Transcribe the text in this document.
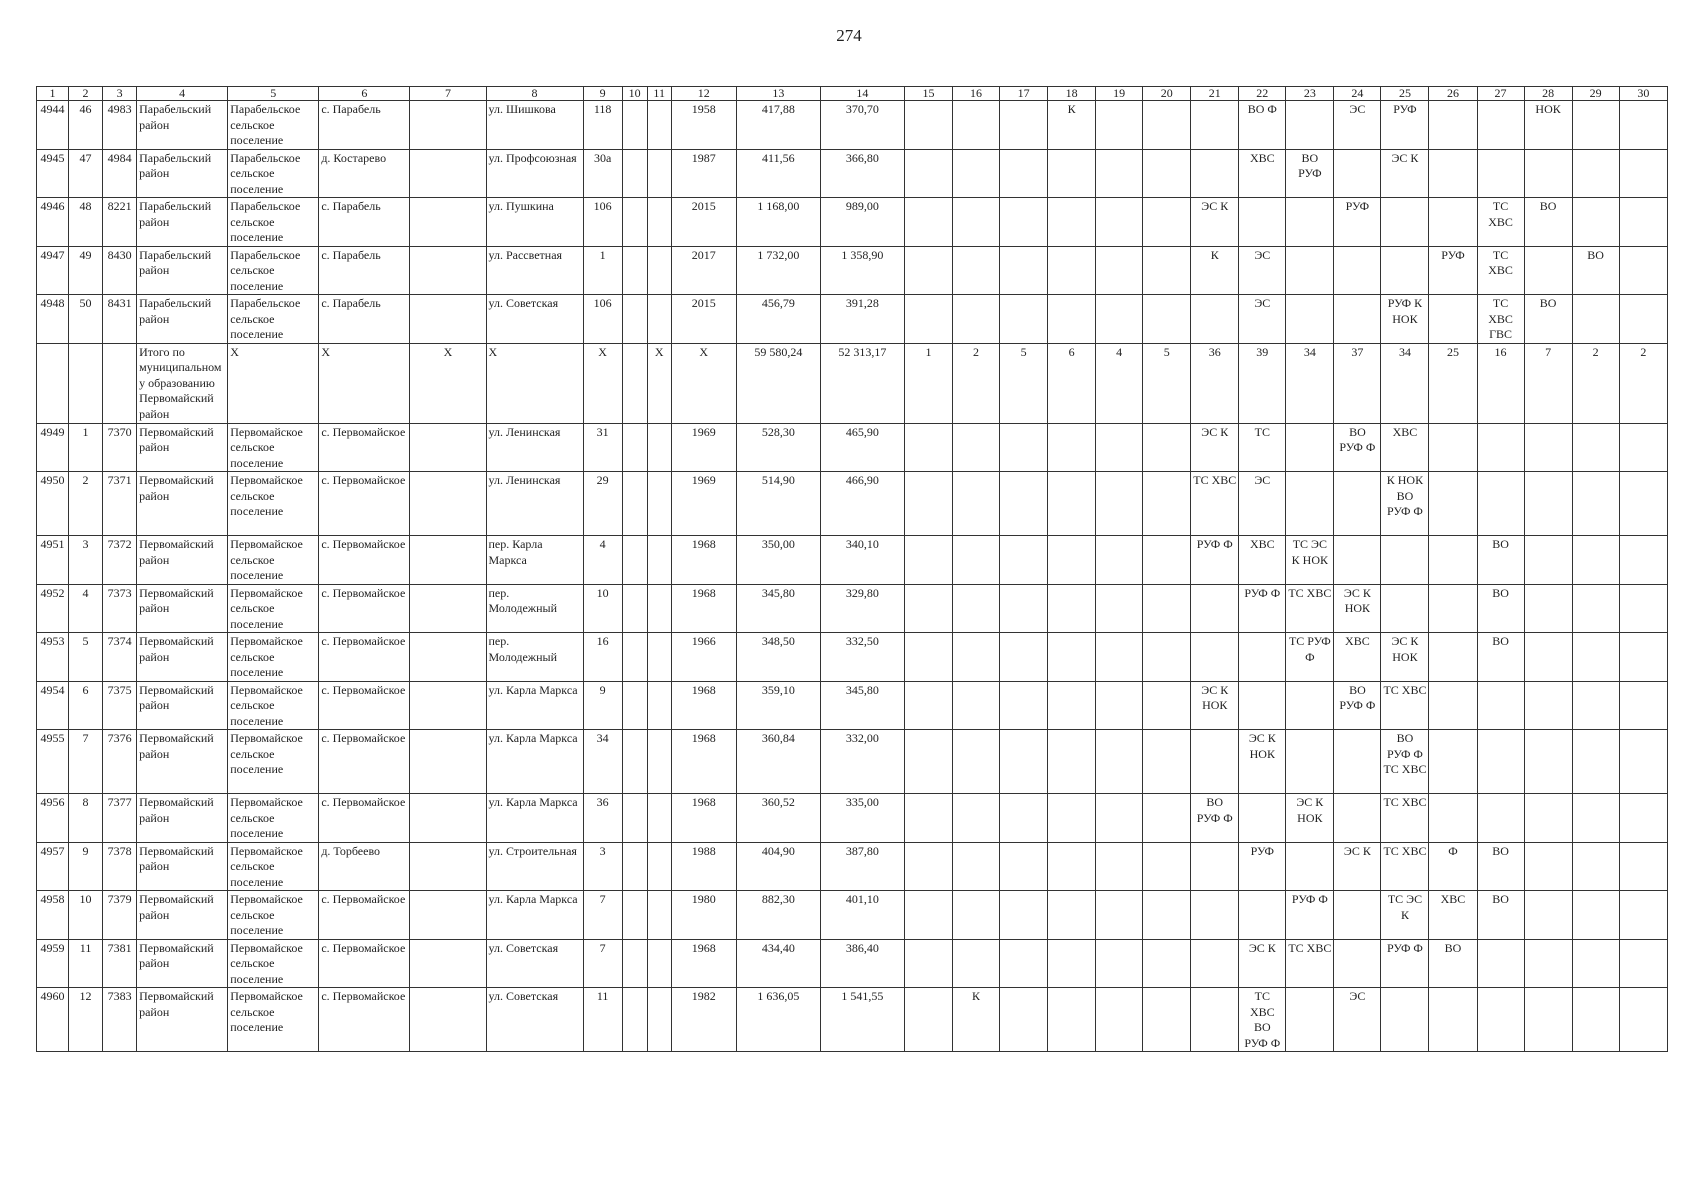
274
1	2	3	4	5	6	7	8	9	10	11	12	13	14	15	16	17	18	19	20	21	22	23	24	25	26	27	28	29	30
4944	46	4983	Парабельский район	Парабельское сельское поселение	с. Парабель		ул. Шишкова	118			1958	417,88	370,70				К				ВО Ф		ЭС	РУФ			НОК		
4945	47	4984	Парабельский район	Парабельское сельское поселение	д. Костарево		ул. Профсоюзная	30а			1987	411,56	366,80								ХВС	ВО РУФ		ЭС К					
4946	48	8221	Парабельский район	Парабельское сельское поселение	с. Парабель		ул. Пушкина	106			2015	1 168,00	989,00							ЭС К			РУФ			ТС ХВС	ВО		
4947	49	8430	Парабельский район	Парабельское сельское поселение	с. Парабель		ул. Рассветная	1			2017	1 732,00	1 358,90							К	ЭС				РУФ	ТС ХВС		ВО	
4948	50	8431	Парабельский район	Парабельское сельское поселение	с. Парабель		ул. Советская	106			2015	456,79	391,28								ЭС			РУФ К НОК		ТС ХВС ГВС	ВО		
			Итого по муниципальному образованию Первомайский район	X	X	X	X	X		X	X	59 580,24	52 313,17	1	2	5	6	4	5	36	39	34	37	34	25	16	7	2	2
4949	1	7370	Первомайский район	Первомайское сельское поселение	с. Первомайское		ул. Ленинская	31			1969	528,30	465,90							ЭС К	ТС		ВО РУФ Ф	ХВС					
4950	2	7371	Первомайский район	Первомайское сельское поселение	с. Первомайское		ул. Ленинская	29			1969	514,90	466,90							ТС ХВС	ЭС			К НОК ВО РУФ Ф					
4951	3	7372	Первомайский район	Первомайское сельское поселение	с. Первомайское		пер. Карла Маркса	4			1968	350,00	340,10							РУФ Ф	ХВС	ТС ЭС К НОК				ВО			
4952	4	7373	Первомайский район	Первомайское сельское поселение	с. Первомайское		пер. Молодежный	10			1968	345,80	329,80								РУФ Ф	ТС ХВС	ЭС К НОК			ВО			
4953	5	7374	Первомайский район	Первомайское сельское поселение	с. Первомайское		пер. Молодежный	16			1966	348,50	332,50									ТС РУФ Ф	ХВС	ЭС К НОК		ВО			
4954	6	7375	Первомайский район	Первомайское сельское поселение	с. Первомайское		ул. Карла Маркса	9			1968	359,10	345,80							ЭС К НОК			ВО РУФ Ф	ТС ХВС					
4955	7	7376	Первомайский район	Первомайское сельское поселение	с. Первомайское		ул. Карла Маркса	34			1968	360,84	332,00								ЭС К НОК			ВО РУФ Ф ТС ХВС					
4956	8	7377	Первомайский район	Первомайское сельское поселение	с. Первомайское		ул. Карла Маркса	36			1968	360,52	335,00							ВО РУФ Ф		ЭС К НОК		ТС ХВС					
4957	9	7378	Первомайский район	Первомайское сельское поселение	д. Торбеево		ул. Строительная	3			1988	404,90	387,80								РУФ		ЭС К	ТС ХВС	Ф	ВО			
4958	10	7379	Первомайский район	Первомайское сельское поселение	с. Первомайское		ул. Карла Маркса	7			1980	882,30	401,10									РУФ Ф		ТС ЭС К	ХВС	ВО			
4959	11	7381	Первомайский район	Первомайское сельское поселение	с. Первомайское		ул. Советская	7			1968	434,40	386,40								ЭС К	ТС ХВС		РУФ Ф	ВО				
4960	12	7383	Первомайский район	Первомайское сельское поселение	с. Первомайское		ул. Советская	11			1982	1 636,05	1 541,55		К						ТС ХВС ВО РУФ Ф		ЭС						
